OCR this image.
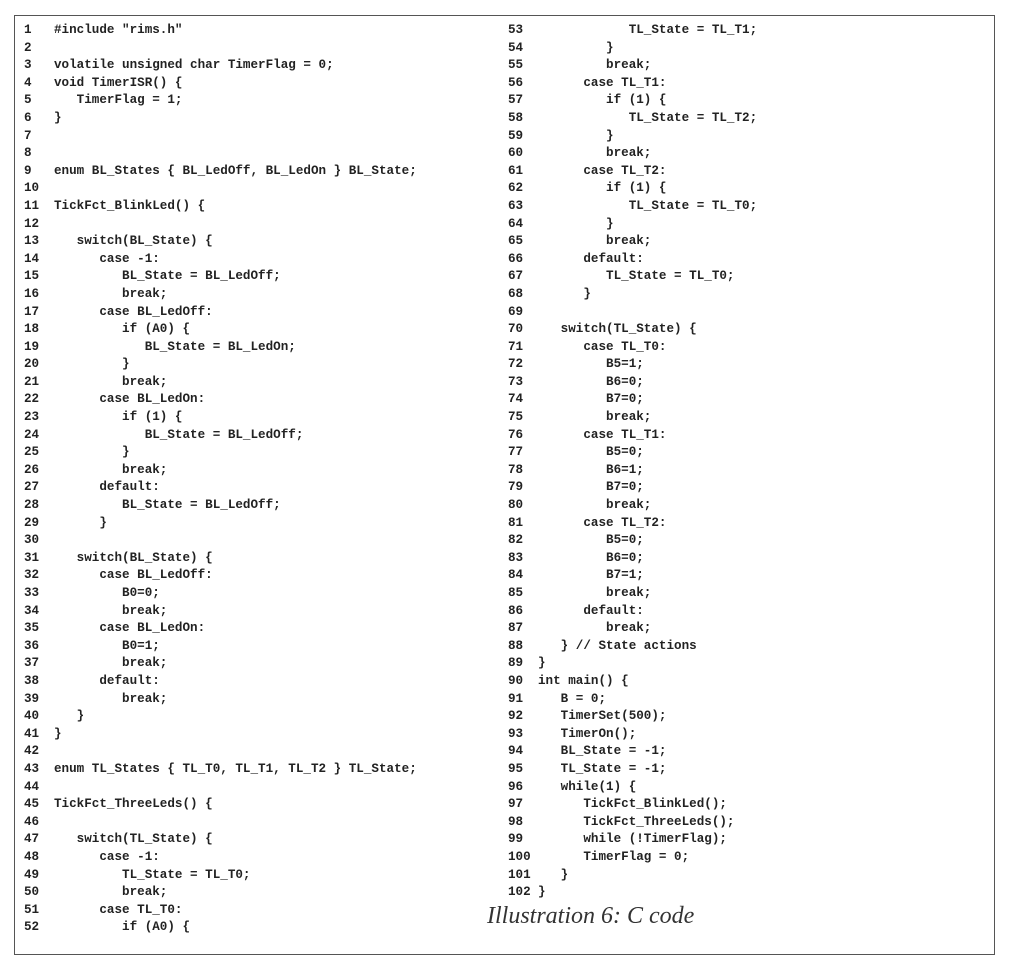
1	#include "rims.h"
2
3	volatile unsigned char TimerFlag = 0;
4	void TimerISR() {
5	TimerFlag = 1;
6	}
7
8
9	enum BL_States { BL_LedOff, BL_LedOn } BL_State;
10
11	TickFct_BlinkLed() {
12
13	switch(BL_State) {
14	case -1:
15	BL_State = BL_LedOff;
16	break;
17	case BL_LedOff:
18	if (A0) {
19	BL_State = BL_LedOn;
20	}
21	break;
22	case BL_LedOn:
23	if (1) {
24	BL_State = BL_LedOff;
25	}
26	break;
27	default:
28	BL_State = BL_LedOff;
29	}
30
31	switch(BL_State) {
32	case BL_LedOff:
33	B0=0;
34	break;
35	case BL_LedOn:
36	B0=1;
37	break;
38	default:
39	break;
40	}
41	}
42
43	enum TL_States { TL_T0, TL_T1, TL_T2 } TL_State;
44
45	TickFct_ThreeLeds() {
46
47	switch(TL_State) {
48	case -1:
49	TL_State = TL_T0;
50	break;
51	case TL_T0:
52	if (A0) {
53	TL_State = TL_T1;
54	}
55	break;
56	case TL_T1:
57	if (1) {
58	TL_State = TL_T2;
59	}
60	break;
61	case TL_T2:
62	if (1) {
63	TL_State = TL_T0;
64	}
65	break;
66	default:
67	TL_State = TL_T0;
68	}
69
70	switch(TL_State) {
71	case TL_T0:
72	B5=1;
73	B6=0;
74	B7=0;
75	break;
76	case TL_T1:
77	B5=0;
78	B6=1;
79	B7=0;
80	break;
81	case TL_T2:
82	B5=0;
83	B6=0;
84	B7=1;
85	break;
86	default:
87	break;
88	} // State actions
89	}
90	int main() {
91	B = 0;
92	TimerSet(500);
93	TimerOn();
94	BL_State = -1;
95	TL_State = -1;
96	while(1) {
97	TickFct_BlinkLed();
98	TickFct_ThreeLeds();
99	while (!TimerFlag);
100 TimerFlag = 0;
101 }
102 }
Illustration 6: C code
